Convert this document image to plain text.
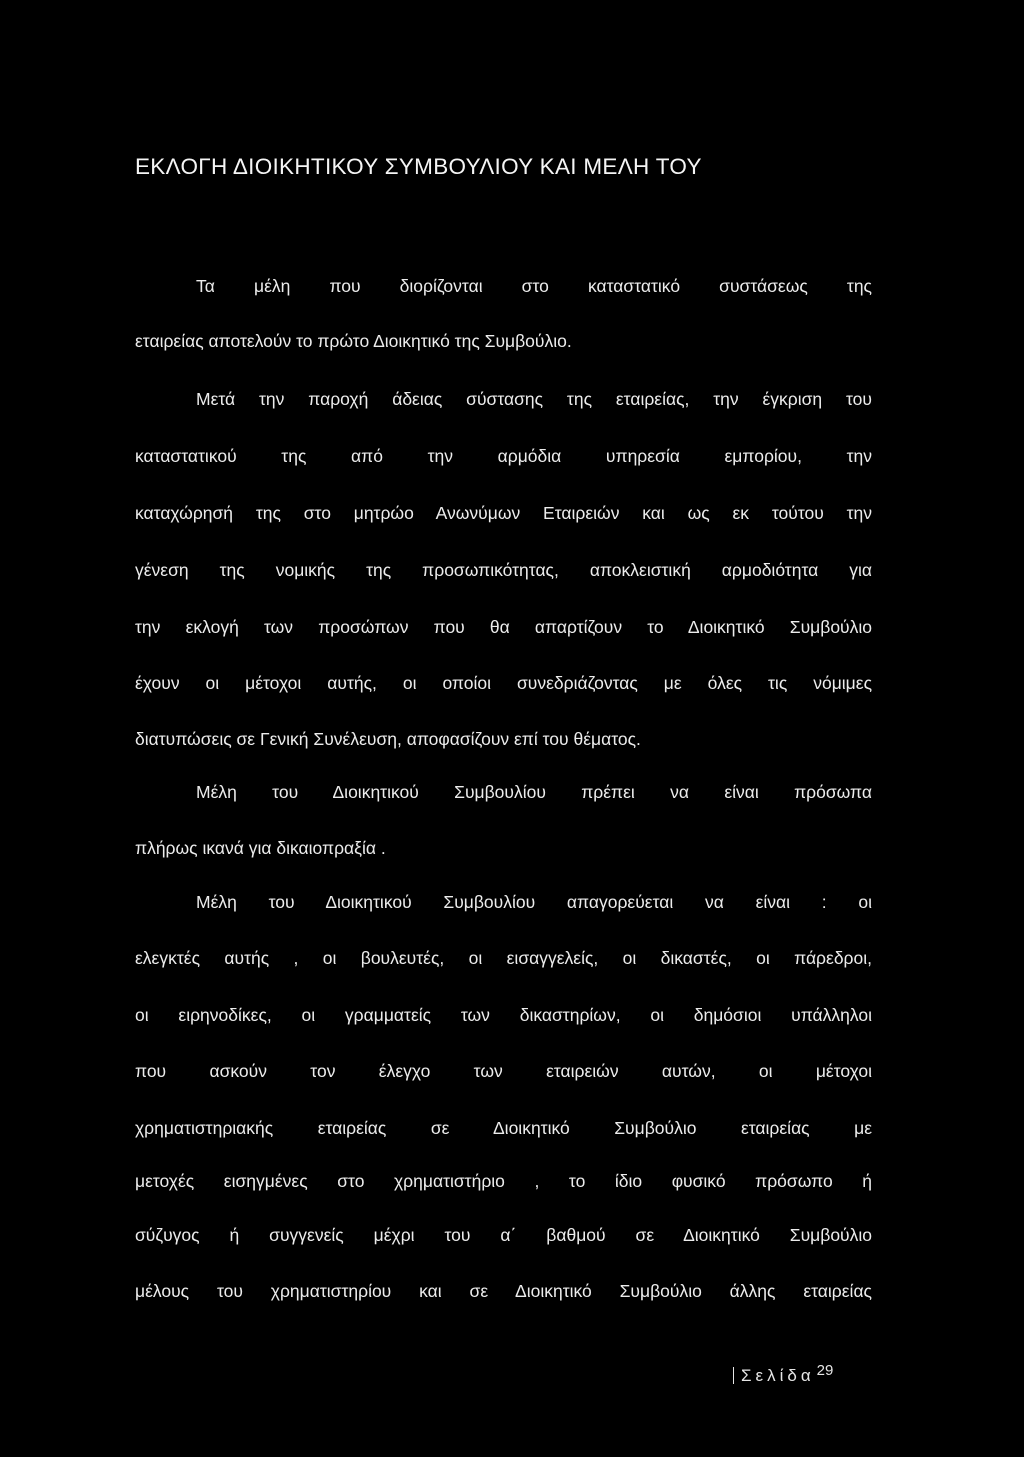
ΕΚΛΟΓΗ ΔΙΟΙΚΗΤΙΚΟΥ ΣΥΜΒΟΥΛΙΟΥ ΚΑΙ ΜΕΛΗ ΤΟΥ
Τα μέλη που διορίζονται στο καταστατικό συστάσεως της
εταιρείας αποτελούν το πρώτο Διοικητικό της Συμβούλιο.
Μετά την παροχή άδειας σύστασης της εταιρείας, την έγκριση του
καταστατικού της από την αρμόδια υπηρεσία εμπορίου, την
καταχώρησή της στο μητρώο Ανωνύμων Εταιρειών και ως εκ τούτου την
γένεση της νομικής της προσωπικότητας, αποκλειστική αρμοδιότητα για
την εκλογή των προσώπων που θα απαρτίζουν το Διοικητικό Συμβούλιο
έχουν οι μέτοχοι αυτής, οι οποίοι συνεδριάζοντας με όλες τις νόμιμες
διατυπώσεις σε Γενική Συνέλευση, αποφασίζουν επί του θέματος.
Μέλη του Διοικητικού Συμβουλίου πρέπει να είναι πρόσωπα
πλήρως ικανά για δικαιοπραξία .
Μέλη του Διοικητικού Συμβουλίου απαγορεύεται να είναι : οι
ελεγκτές αυτής , οι βουλευτές, οι εισαγγελείς, οι δικαστές, οι πάρεδροι,
οι ειρηνοδίκες, οι γραμματείς των δικαστηρίων, οι δημόσιοι υπάλληλοι
που ασκούν τον έλεγχο των εταιρειών αυτών, οι μέτοχοι
χρηματιστηριακής εταιρείας σε Διοικητικό Συμβούλιο εταιρείας με
μετοχές εισηγμένες στο χρηματιστήριο , το ίδιο φυσικό πρόσωπο ή
σύζυγος ή συγγενείς μέχρι του α΄ βαθμού σε Διοικητικό Συμβούλιο
μέλους του χρηματιστηρίου και σε Διοικητικό Συμβούλιο άλλης εταιρείας
Σελίδα 29
